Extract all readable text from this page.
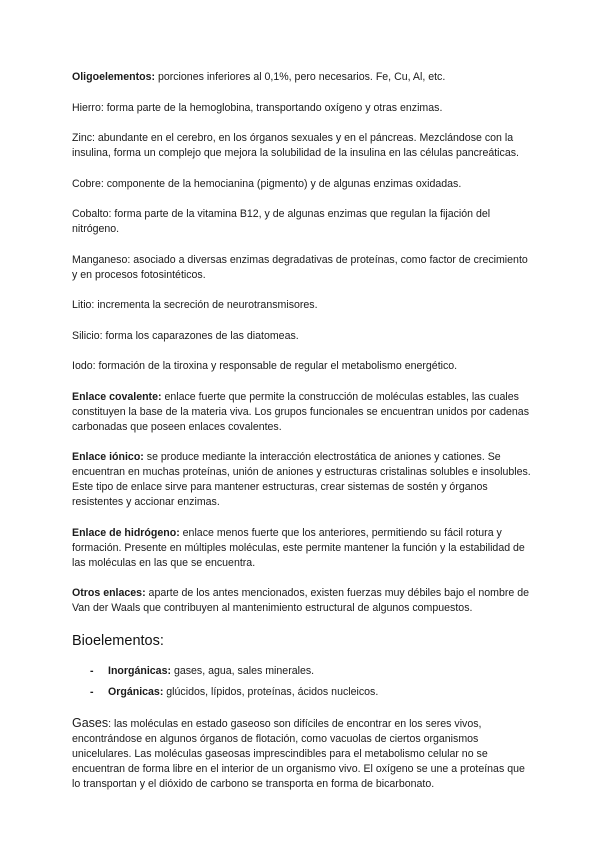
Oligoelementos: porciones inferiores al 0,1%, pero necesarios. Fe, Cu, Al, etc.

Hierro: forma parte de la hemoglobina, transportando oxígeno y otras enzimas.

Zinc: abundante en el cerebro, en los órganos sexuales y en el páncreas. Mezclándose con la insulina, forma un complejo que mejora la solubilidad de la insulina en las células pancreáticas.

Cobre: componente de la hemocianina (pigmento) y de algunas enzimas oxidadas.

Cobalto: forma parte de la vitamina B12, y de algunas enzimas que regulan la fijación del nitrógeno.

Manganeso: asociado a diversas enzimas degradativas de proteínas, como factor de crecimiento y en procesos fotosintéticos.

Litio: incrementa la secreción de neurotransmisores.

Silicio: forma los caparazones de las diatomeas.

Iodo: formación de la tiroxina y responsable de regular el metabolismo energético.

Enlace covalente: enlace fuerte que permite la construcción de moléculas estables, las cuales constituyen la base de la materia viva. Los grupos funcionales se encuentran unidos por cadenas carbonadas que poseen enlaces covalentes.

Enlace iónico: se produce mediante la interacción electrostática de aniones y cationes. Se encuentran en muchas proteínas, unión de aniones y estructuras cristalinas solubles e insolubles. Este tipo de enlace sirve para mantener estructuras, crear sistemas de sostén y órganos resistentes y accionar enzimas.

Enlace de hidrógeno: enlace menos fuerte que los anteriores, permitiendo su fácil rotura y formación. Presente en múltiples moléculas, este permite mantener la función y la estabilidad de las moléculas en las que se encuentra.

Otros enlaces: aparte de los antes mencionados, existen fuerzas muy débiles bajo el nombre de Van der Waals que contribuyen al mantenimiento estructural de algunos compuestos.

Bioelementos:
- Inorgánicas: gases, agua, sales minerales.
- Orgánicas: glúcidos, lípidos, proteínas, ácidos nucleicos.

Gases: las moléculas en estado gaseoso son difíciles de encontrar en los seres vivos, encontrándose en algunos órganos de flotación, como vacuolas de ciertos organismos unicelulares. Las moléculas gaseosas imprescindibles para el metabolismo celular no se encuentran de forma libre en el interior de un organismo vivo. El oxígeno se une a proteínas que lo transportan y el dióxido de carbono se transporta en forma de bicarbonato.
